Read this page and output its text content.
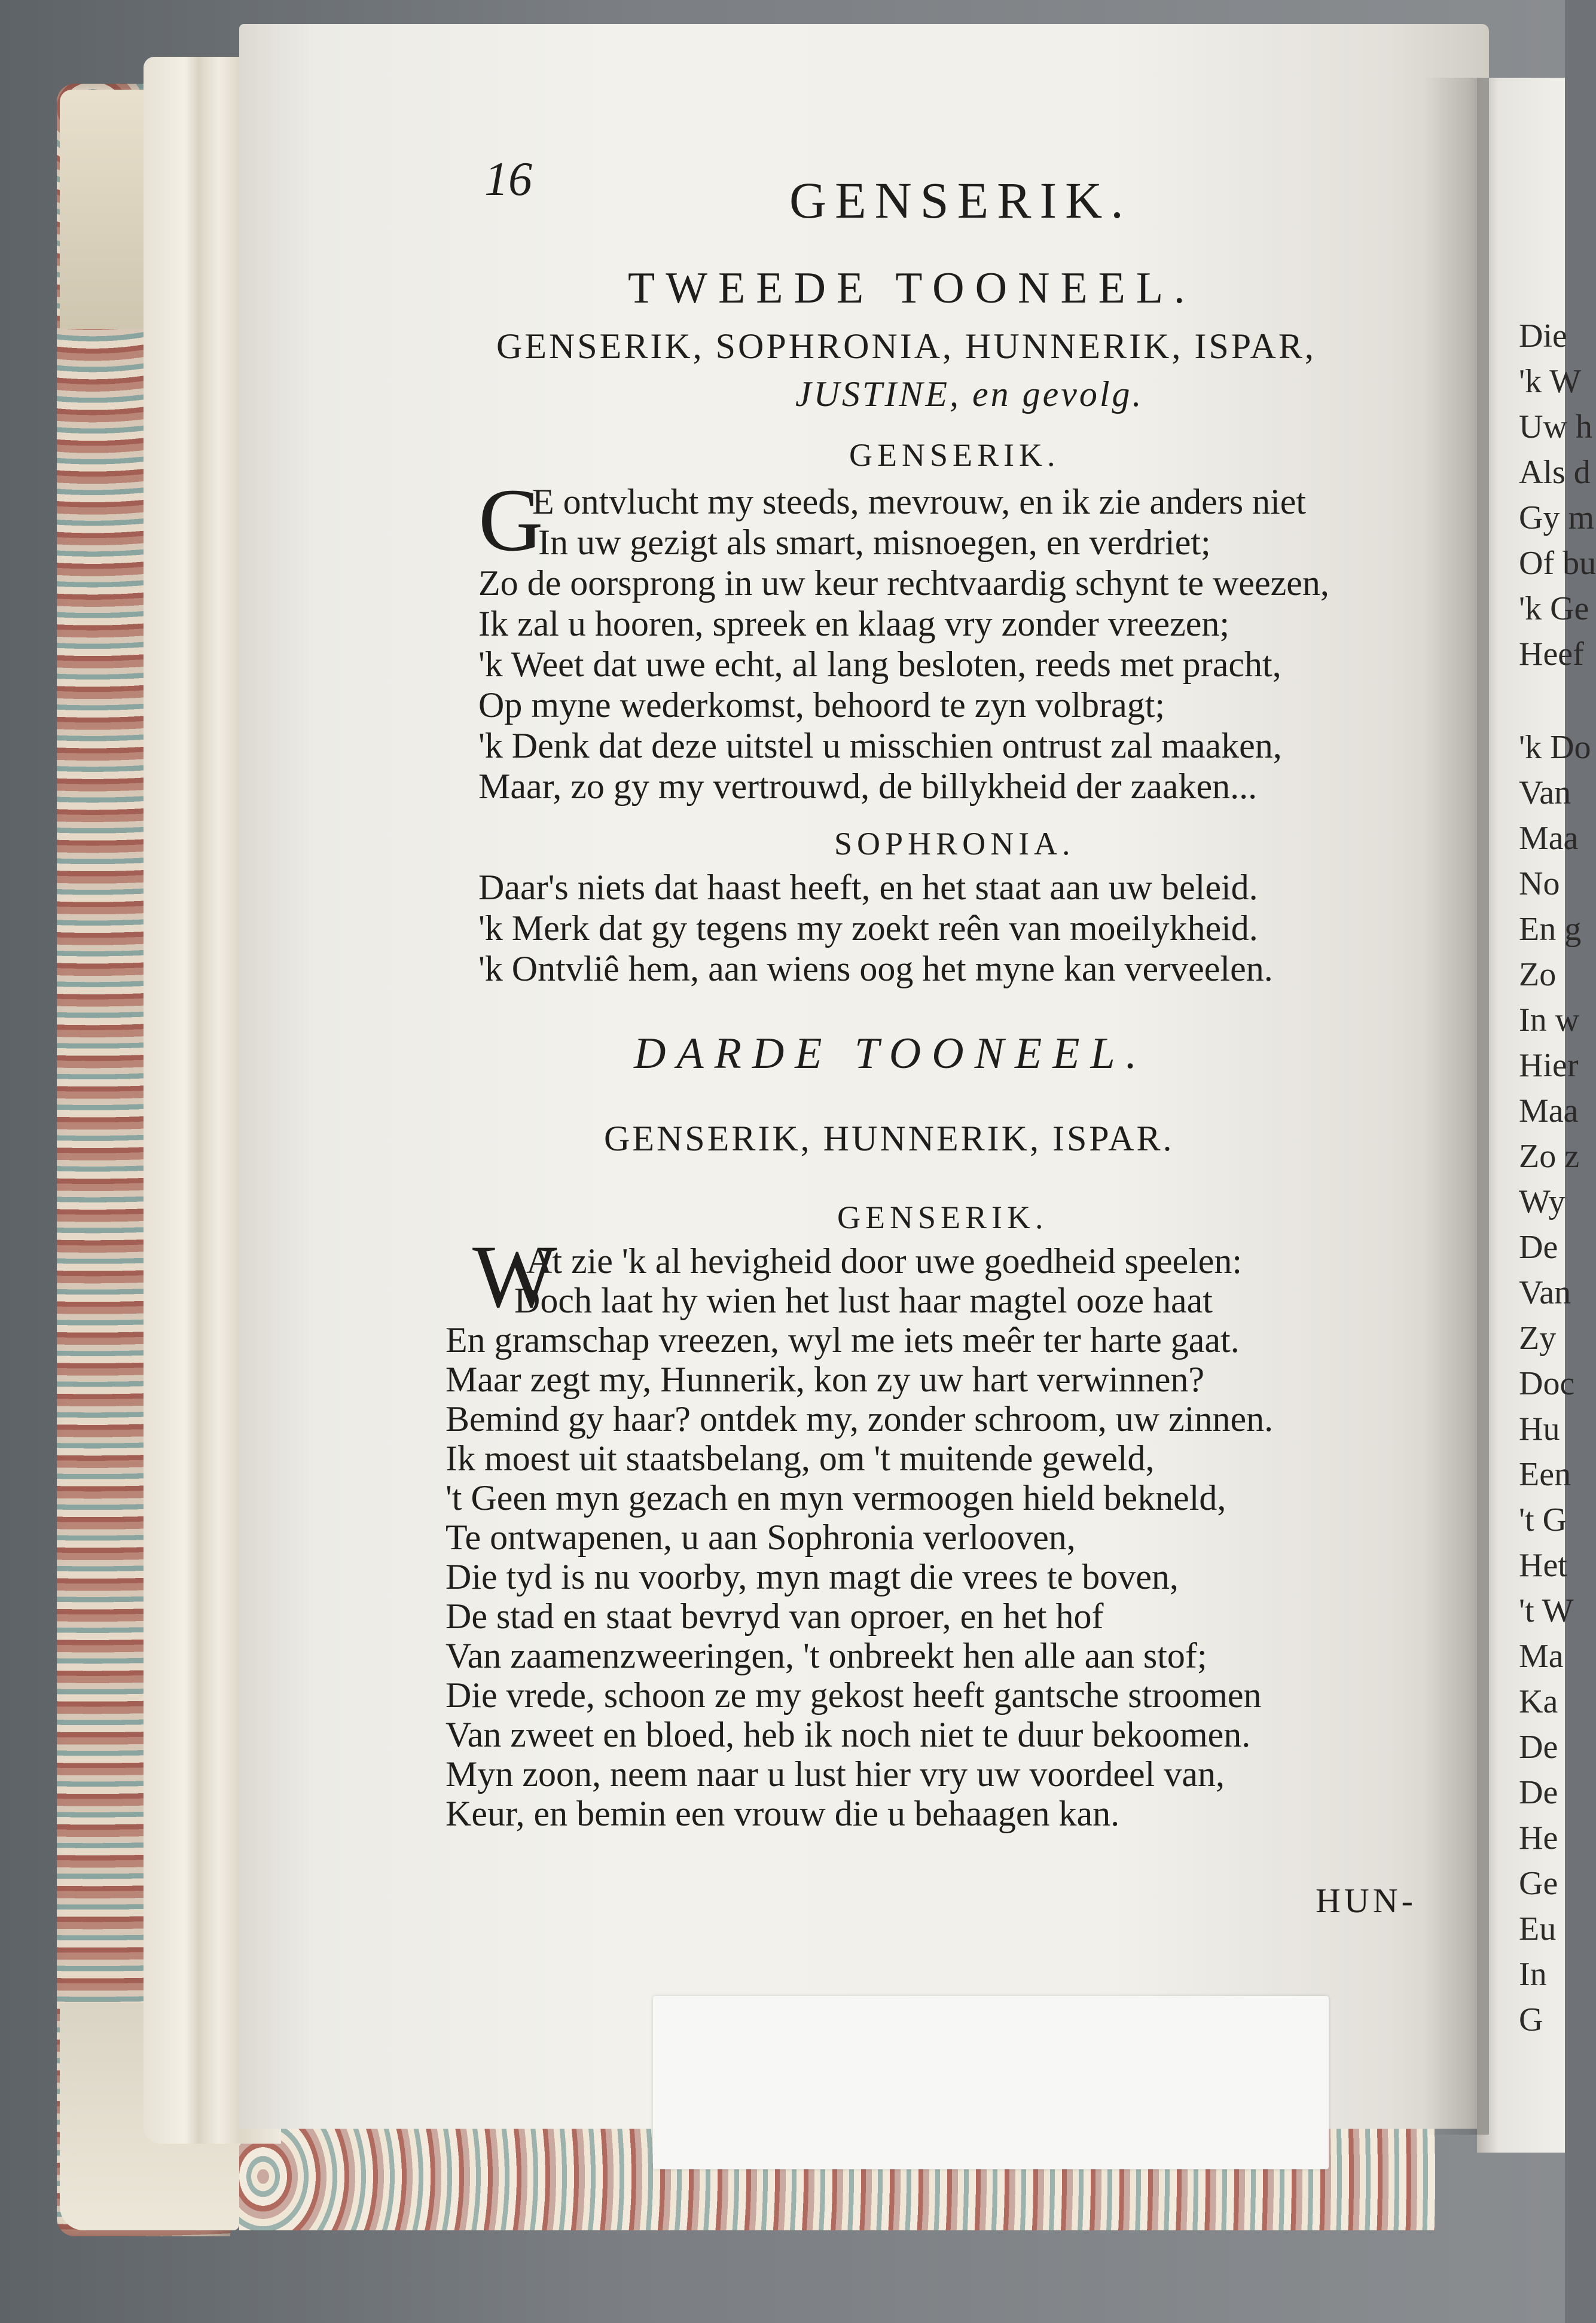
16	GENSERIK.
TWEEDE TOONEEL.
GENSERIK, SOPHRONIA, HUNNERIK, ISPAR,
JUSTINE, en gevolg.
GENSERIK.
G
E ontvlucht my steeds, mevrouw, en ik zie anders niet
In uw gezigt als smart, misnoegen, en verdriet;
Zo de oorsprong in uw keur rechtvaardig schynt te weezen,
Ik zal u hooren, spreek en klaag vry zonder vreezen;
'k Weet dat uwe echt, al lang besloten, reeds met pracht,
Op myne wederkomst, behoord te zyn volbragt;
'k Denk dat deze uitstel u misschien ontrust zal maaken,
Maar, zo gy my vertrouwd, de billykheid der zaaken...
SOPHRONIA.
Daar's niets dat haast heeft, en het staat aan uw beleid.
'k Merk dat gy tegens my zoekt reên van moeilykheid.
'k Ontvliê hem, aan wiens oog het myne kan verveelen.
DARDE TOONEEL.
GENSERIK, HUNNERIK, ISPAR.
GENSERIK.
W
At zie 'k al hevigheid door uwe goedheid speelen:
Doch laat hy wien het lust haar magtel ooze haat
En gramschap vreezen, wyl me iets meêr ter harte gaat.
Maar zegt my, Hunnerik, kon zy uw hart verwinnen?
Bemind gy haar? ontdek my, zonder schroom, uw zinnen.
Ik moest uit staatsbelang, om 't muitende geweld,
't Geen myn gezach en myn vermoogen hield bekneld,
Te ontwapenen, u aan Sophronia verlooven,
Die tyd is nu voorby, myn magt die vrees te boven,
De stad en staat bevryd van oproer, en het hof
Van zaamenzweeringen, 't onbreekt hen alle aan stof;
Die vrede, schoon ze my gekost heeft gantsche stroomen
Van zweet en bloed, heb ik noch niet te duur bekoomen.
Myn zoon, neem naar u lust hier vry uw voordeel van,
Keur, en bemin een vrouw die u behaagen kan.
HUN-
Die
'k W
Uw h
Als d
Gy m
Of bu
'k Ge
Heef
'k Do
Van
Maa
No
En g
Zo
In w
Hier
Maa
Zo z
Wy
De
Van
Zy
Doc
Hu
Een
't G
Het
't W
Ma
Ka
De
De
He
Ge
Eu
In
G
